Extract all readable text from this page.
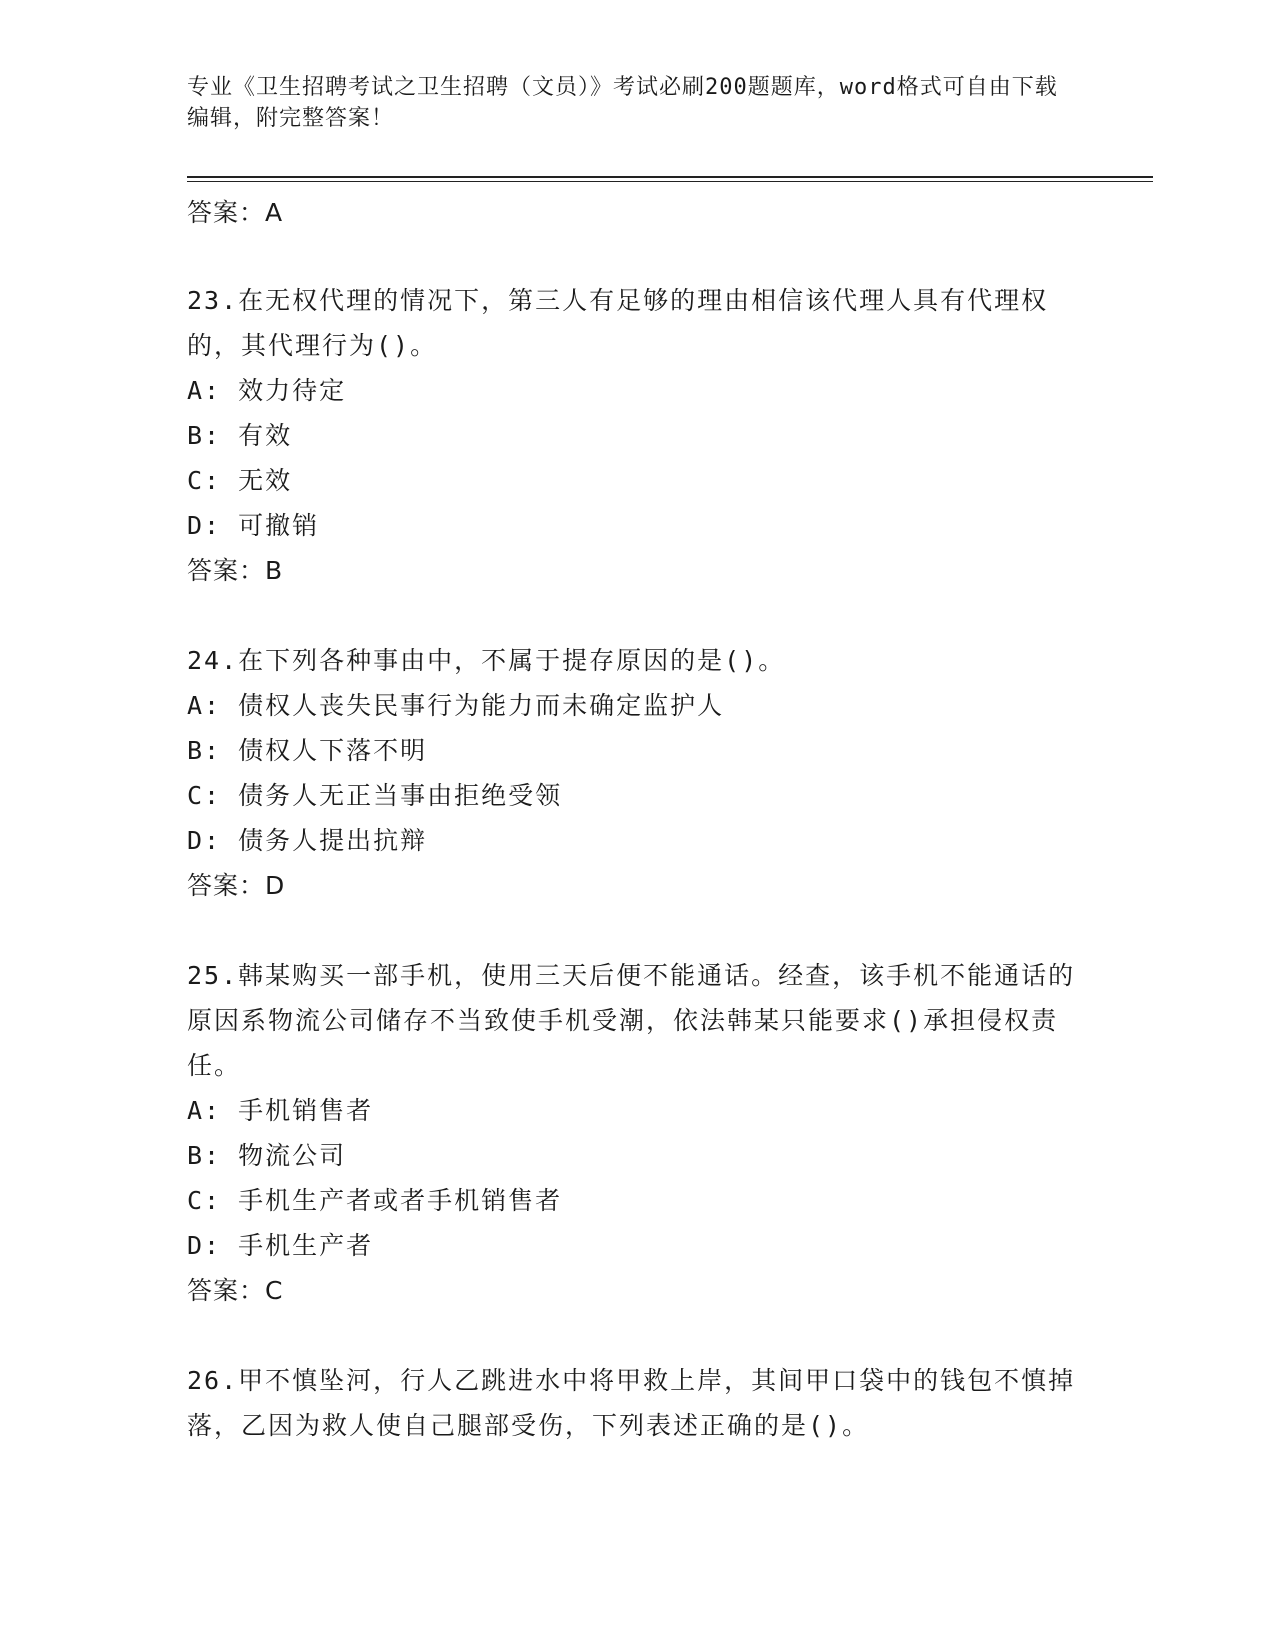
专业《卫生招聘考试之卫生招聘（文员）》考试必刷200题题库，word格式可自由下载编辑，附完整答案！
答案：A
23.在无权代理的情况下，第三人有足够的理由相信该代理人具有代理权的，其代理行为()。
A: 效力待定
B: 有效
C: 无效
D: 可撤销
答案：B
24.在下列各种事由中，不属于提存原因的是()。
A: 债权人丧失民事行为能力而未确定监护人
B: 债权人下落不明
C: 债务人无正当事由拒绝受领
D: 债务人提出抗辩
答案：D
25.韩某购买一部手机，使用三天后便不能通话。经查，该手机不能通话的原因系物流公司储存不当致使手机受潮，依法韩某只能要求()承担侵权责任。
A: 手机销售者
B: 物流公司
C: 手机生产者或者手机销售者
D: 手机生产者
答案：C
26.甲不慎坠河，行人乙跳进水中将甲救上岸，其间甲口袋中的钱包不慎掉落，乙因为救人使自己腿部受伤，下列表述正确的是()。
